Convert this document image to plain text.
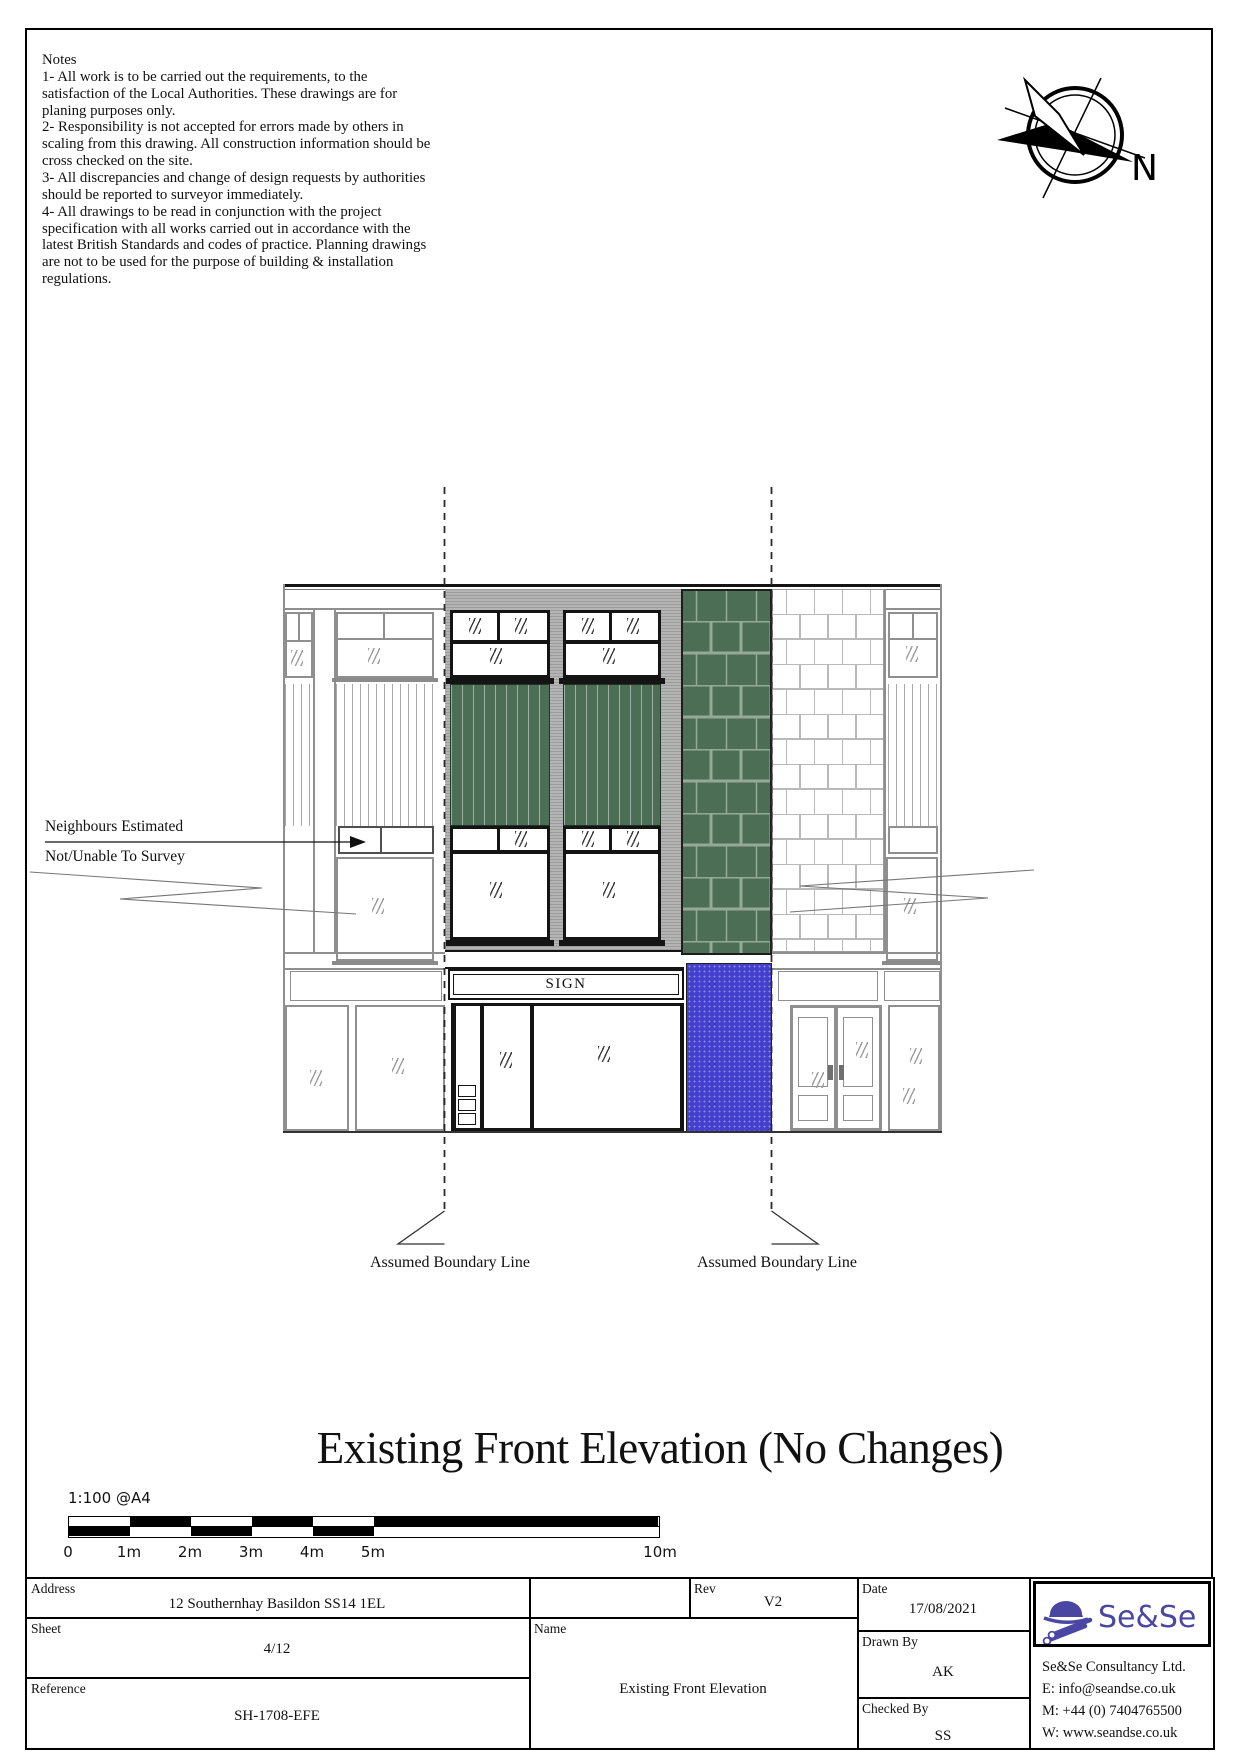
Notes
1- All work is to be carried out the requirements, to the satisfaction of the Local Authorities. These drawings are for planing purposes only.
2- Responsibility is not accepted for errors made by others in scaling from this drawing. All construction information should be cross checked on the site.
3- All discrepancies and change of design requests by authorities should be reported to surveyor immediately.
4- All drawings to be read in conjunction with the project specification with all works carried out in accordance with the latest British Standards and codes of practice. Planning drawings are not to be used for the purpose of building & installation regulations.
N
SIGN
Neighbours Estimated
Not/Unable To Survey
Assumed Boundary Line	Assumed Boundary Line
Existing Front Elevation (No Changes)
1:100 @A4
0	1m 2m 3m 4m 5m	10m
Address
12 Southernhay Basildon SS14 1EL
Rev
V2
Date
17/08/2021
Sheet
4/12
Name
Existing Front Elevation
Reference
SH-1708-EFE
Drawn By
AK
Checked By
SS
Se&Se
Se&Se Consultancy Ltd.
E: info@seandse.co.uk
M: +44 (0) 7404765500
W: www.seandse.co.uk
